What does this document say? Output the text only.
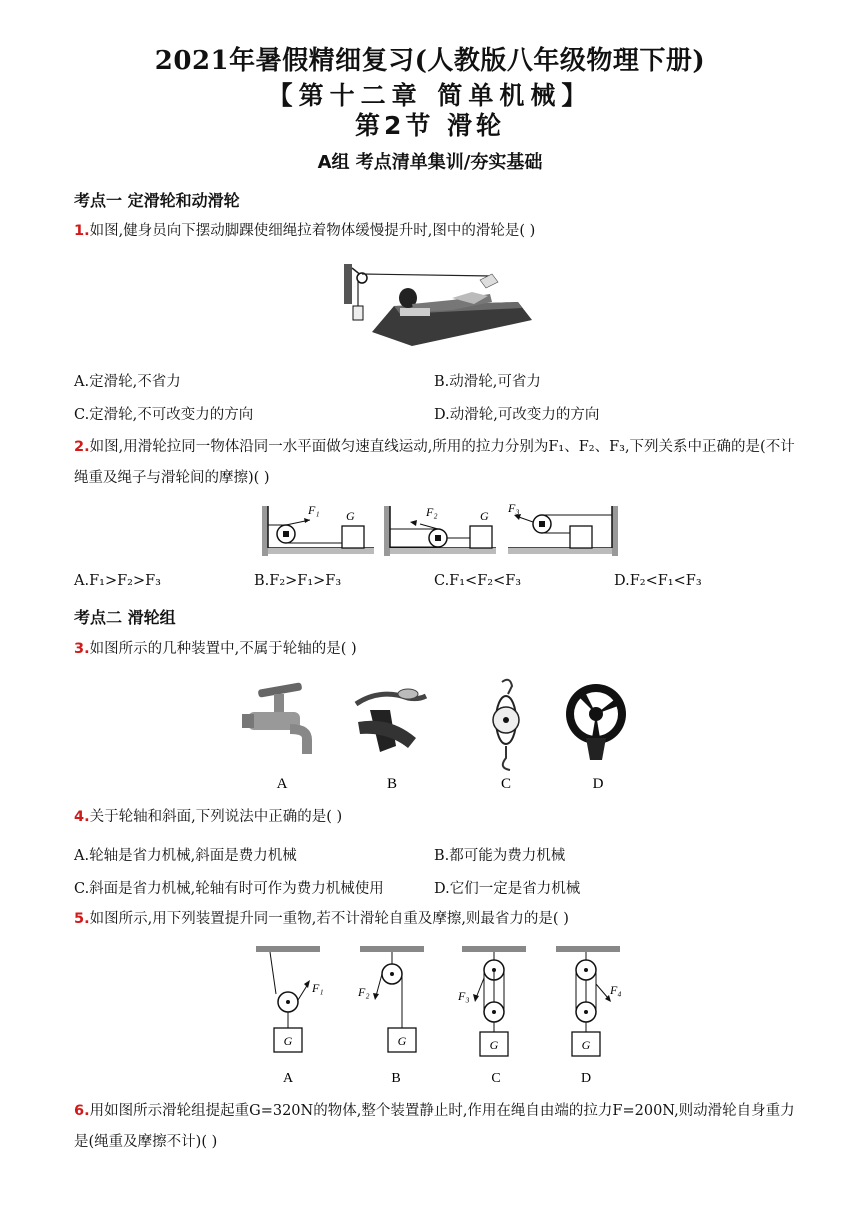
2021年暑假精细复习(人教版八年级物理下册)
【第十二章 简单机械】
第2节 滑轮
A组 考点清单集训/夯实基础
考点一 定滑轮和动滑轮
1.如图,健身员向下摆动脚踝使细绳拉着物体缓慢提升时,图中的滑轮是( )
A.定滑轮,不省力	B.动滑轮,可省力
C.定滑轮,不可改变力的方向	D.动滑轮,可改变力的方向
2.如图,用滑轮拉同一物体沿同一水平面做匀速直线运动,所用的拉力分别为F₁、F₂、F₃,下列关系中正确的是(不计绳重及绳子与滑轮间的摩擦)( )
F₁ G	F₂	G
F₃
A.F₁>F₂>F₃	B.F₂>F₁>F₃	C.F₁<F₂<F₃	D.F₂<F₁<F₃
考点二 滑轮组
3.如图所示的几种装置中,不属于轮轴的是( )
A	B	C	D
4.关于轮轴和斜面,下列说法中正确的是( )
A.轮轴是省力机械,斜面是费力机械	B.都可能为费力机械
C.斜面是省力机械,轮轴有时可作为费力机械使用	D.它们一定是省力机械
5.如图所示,用下列装置提升同一重物,若不计滑轮自重及摩擦,则最省力的是( )
G
F₁
A
G
F₂
B
G
F₃
C
G
F₄
D
6.用如图所示滑轮组提起重G=320N的物体,整个装置静止时,作用在绳自由端的拉力F=200N,则动滑轮自身重力是(绳重及摩擦不计)( )
